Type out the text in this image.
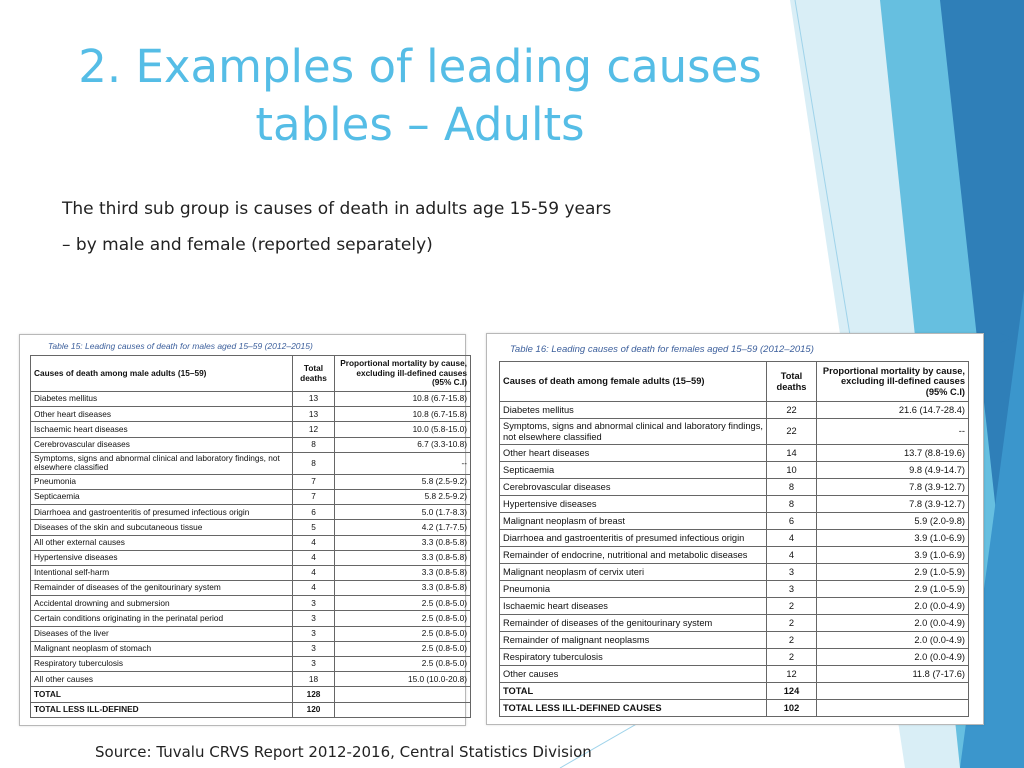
2. Examples of leading causes
tables – Adults
The third sub group is causes of death in adults age 15-59 years
– by male and female (reported separately)
Table 15: Leading causes of death for males aged 15–59 (2012–2015)
Causes of death among male adults (15–59)	Total deaths	Proportional mortality by cause, excluding ill-defined causes (95% C.I)
Diabetes mellitus	13	10.8 (6.7-15.8)
Other heart diseases	13	10.8 (6.7-15.8)
Ischaemic heart diseases	12	10.0 (5.8-15.0)
Cerebrovascular diseases	8	6.7 (3.3-10.8)
Symptoms, signs and abnormal clinical and laboratory findings, not elsewhere classified	8	--
Pneumonia	7	5.8 (2.5-9.2)
Septicaemia	7	5.8 2.5-9.2)
Diarrhoea and gastroenteritis of presumed infectious origin	6	5.0 (1.7-8.3)
Diseases of the skin and subcutaneous tissue	5	4.2 (1.7-7.5)
All other external causes	4	3.3 (0.8-5.8)
Hypertensive diseases	4	3.3 (0.8-5.8)
Intentional self-harm	4	3.3 (0.8-5.8)
Remainder of diseases of the genitourinary system	4	3.3 (0.8-5.8)
Accidental drowning and submersion	3	2.5 (0.8-5.0)
Certain conditions originating in the perinatal period	3	2.5 (0.8-5.0)
Diseases of the liver	3	2.5 (0.8-5.0)
Malignant neoplasm of stomach	3	2.5 (0.8-5.0)
Respiratory tuberculosis	3	2.5 (0.8-5.0)
All other causes	18	15.0 (10.0-20.8)
TOTAL	128	
TOTAL LESS ILL-DEFINED	120	
Table 16: Leading causes of death for females aged 15–59 (2012–2015)
Causes of death among female adults (15–59)	Total deaths	Proportional mortality by cause, excluding ill-defined causes (95% C.I)
Diabetes mellitus	22	21.6 (14.7-28.4)
Symptoms, signs and abnormal clinical and laboratory findings, not elsewhere classified	22	--
Other heart diseases	14	13.7 (8.8-19.6)
Septicaemia	10	9.8 (4.9-14.7)
Cerebrovascular diseases	8	7.8 (3.9-12.7)
Hypertensive diseases	8	7.8 (3.9-12.7)
Malignant neoplasm of breast	6	5.9 (2.0-9.8)
Diarrhoea and gastroenteritis of presumed infectious origin	4	3.9 (1.0-6.9)
Remainder of endocrine, nutritional and metabolic diseases	4	3.9 (1.0-6.9)
Malignant neoplasm of cervix uteri	3	2.9 (1.0-5.9)
Pneumonia	3	2.9 (1.0-5.9)
Ischaemic heart diseases	2	2.0 (0.0-4.9)
Remainder of diseases of the genitourinary system	2	2.0 (0.0-4.9)
Remainder of malignant neoplasms	2	2.0 (0.0-4.9)
Respiratory tuberculosis	2	2.0 (0.0-4.9)
Other causes	12	11.8 (7-17.6)
TOTAL	124	
TOTAL LESS ILL-DEFINED CAUSES	102	
Source: Tuvalu CRVS Report 2012-2016, Central Statistics Division
